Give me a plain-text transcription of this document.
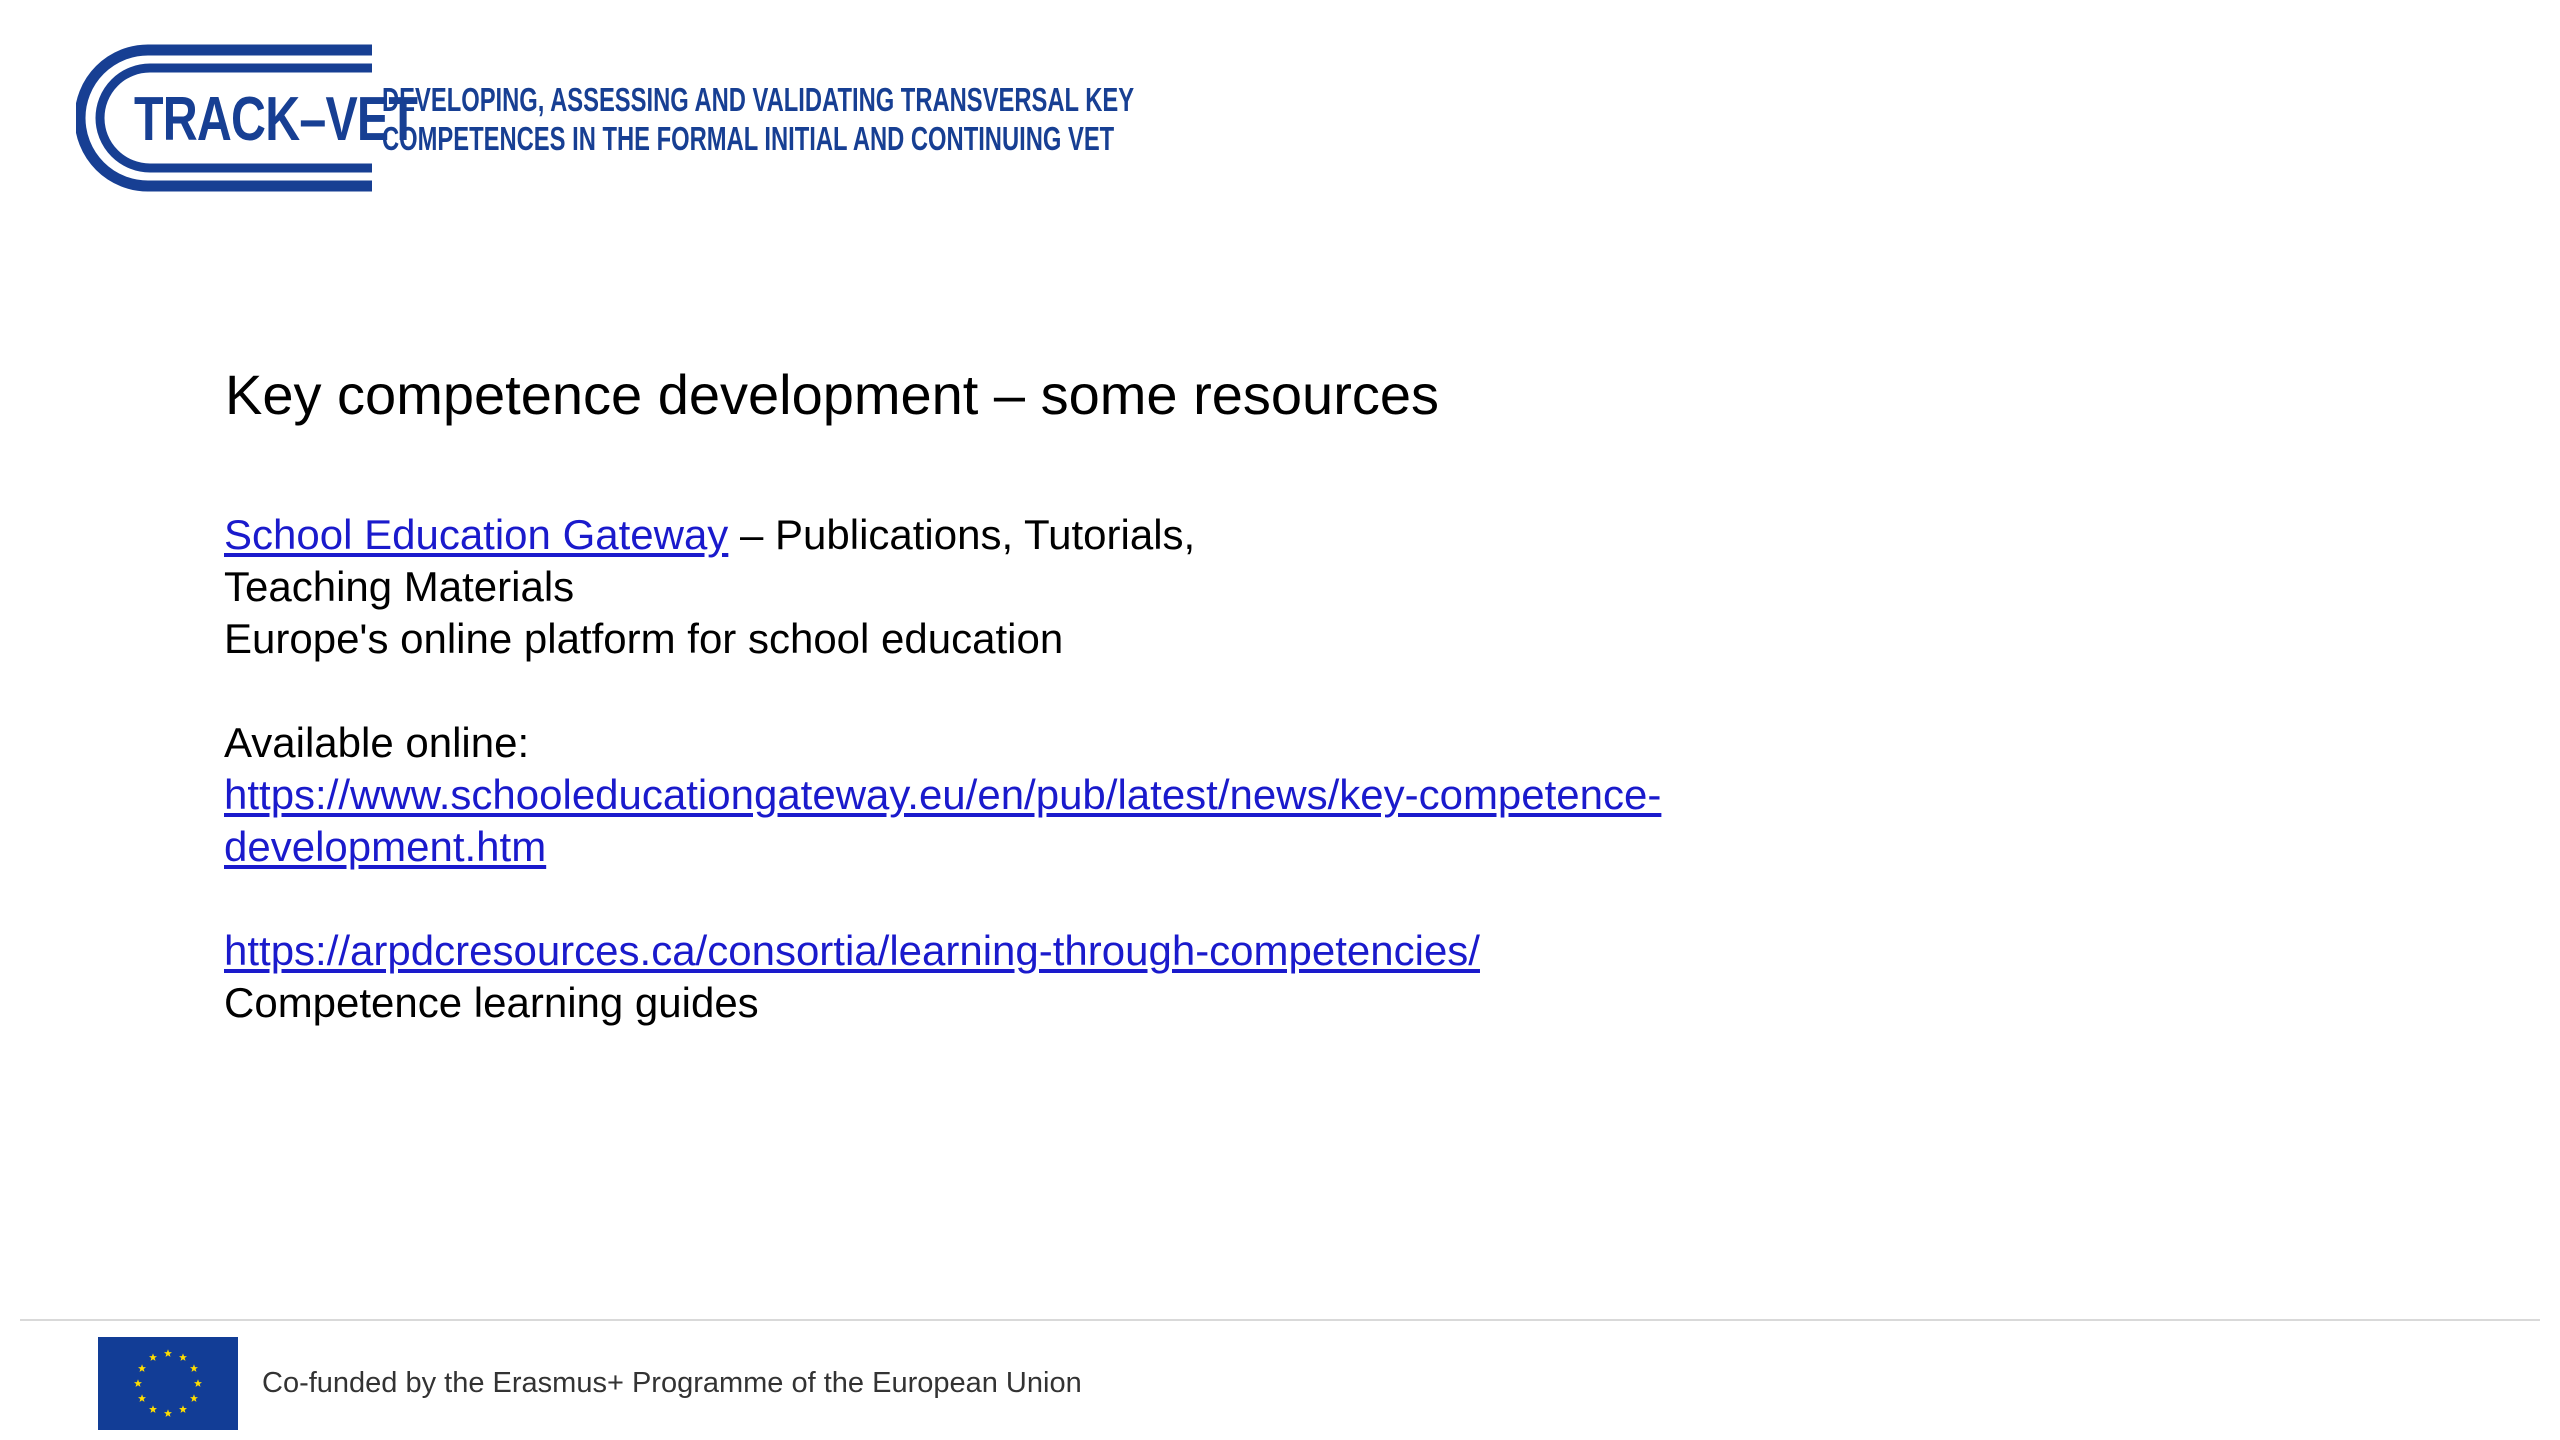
TRACK–VET
DEVELOPING, ASSESSING AND VALIDATING TRANSVERSAL KEY
COMPETENCES IN THE FORMAL INITIAL AND CONTINUING VET
Key competence development – some resources
School Education Gateway – Publications, Tutorials,
Teaching Materials
Europe's online platform for school education
Available online:
https://www.schooleducationgateway.eu/en/pub/latest/news/key-competence-
development.htm
https://arpdcresources.ca/consortia/learning-through-competencies/
Competence learning guides
Co-funded by the Erasmus+ Programme of the European Union
